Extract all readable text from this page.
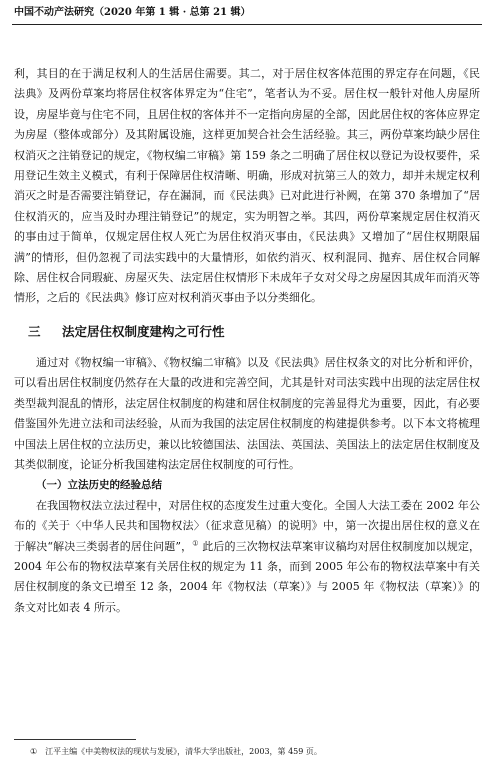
中国不动产法研究（2020 年第 1 辑 · 总第 21 辑）

利，其目的在于满足权利人的生活居住需要。其二，对于居住权客体范围的界定存在问题，《民法典》及两份草案均将居住权客体界定为“住宅”，笔者认为不妥。居住权一般针对他人房屋所设，房屋毕竟与住宅不同，且居住权的客体并不一定指向房屋的全部，因此居住权的客体应界定为房屋（整体或部分）及其附属设施，这样更加契合社会生活经验。其三，两份草案均缺少居住权消灭之注销登记的规定，《物权编二审稿》第 159 条之二明确了居住权以登记为设权要件，采用登记生效主义模式，有利于保障居住权清晰、明确，形成对抗第三人的效力，却并未规定权利消灭之时是否需要注销登记，存在漏洞，而《民法典》已对此进行补阙，在第 370 条增加了“居住权消灭的，应当及时办理注销登记”的规定，实为明智之举。其四，两份草案规定居住权消灭的事由过于简单，仅规定居住权人死亡为居住权消灭事由，《民法典》又增加了“居住权期限届满”的情形，但仍忽视了司法实践中的大量情形，如依约消灭、权利混同、抛弃、居住权合同解除、居住权合同瑕疵、房屋灭失、法定居住权情形下未成年子女对父母之房屋因其成年而消灭等情形，之后的《民法典》修订应对权利消灭事由予以分类细化。

三 法定居住权制度建构之可行性

通过对《物权编一审稿》、《物权编二审稿》以及《民法典》居住权条文的对比分析和评价，可以看出居住权制度仍然存在大量的改进和完善空间，尤其是针对司法实践中出现的法定居住权类型裁判混乱的情形，法定居住权制度的构建和居住权制度的完善显得尤为重要，因此，有必要借鉴国外先进立法和司法经验，从而为我国的法定居住权制度的构建提供参考。以下本文将梳理中国法上居住权的立法历史，兼以比较德国法、法国法、英国法、美国法上的法定居住权制度及其类似制度，论证分析我国建构法定居住权制度的可行性。

（一）立法历史的经验总结

在我国物权法立法过程中，对居住权的态度发生过重大变化。全国人大法工委在 2002 年公布的《关于〈中华人民共和国物权法〉（征求意见稿）的说明》中，第一次提出居住权的意义在于解决“解决三类弱者的居住问题”，① 此后的三次物权法草案审议稿均对居住权制度加以规定，2004 年公布的物权法草案有关居住权的规定为 11 条，而到 2005 年公布的物权法草案中有关居住权制度的条文已增至 12 条，2004 年《物权法（草案）》与 2005 年《物权法（草案）》的条文对比如表 4 所示。

① 江平主编《中美物权法的现状与发展》，清华大学出版社，2003，第 459 页。
